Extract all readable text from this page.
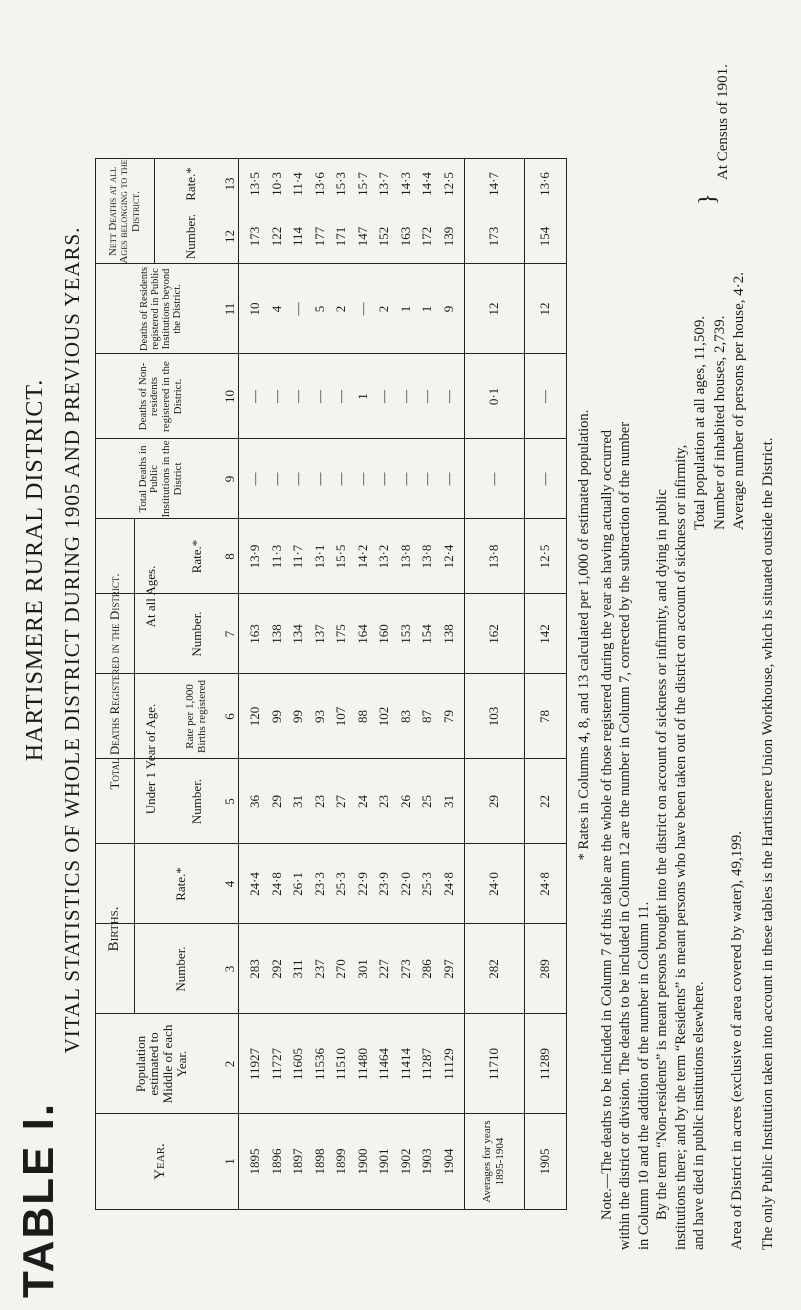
TABLE I.
HARTISMERE RURAL DISTRICT. VITAL STATISTICS OF WHOLE DISTRICT DURING 1905 AND PREVIOUS YEARS.
Year.
Population estimated to Middle of each Year.
Births.
Number.
Rate.*
Total Deaths Registered in the District.	Under 1 Year of Age.	Number.
Rate per 1,000 Births registered
At all Ages.
Number.
Rate.*
Total Deaths in Public Institutions in the District
Deaths of Non-residents registered in the District.
Deaths of Residents registered in Public Institutions beyond the District.
Nett Deaths at all Ages belonging to the District.
Number.
Rate.*
1
2
3
4
5
6
7
8
9
10
11
12
13
1895
11927
283
24·4
36
120
163
13·9
—
—
10
173
13·5
1896
11727
292
24·8
29
99
138
11·3
—
—
4
122
10·3
1897
11605
311
26·1
31
99
134
11·7
—
—
—
114
11·4
1898
11536
237
23·3
23
93
137
13·1
—
—
5
177
13·6
1899
11510
270
25·3
27
107
175
15·5
—
—
2
171
15·3
1900
11480
301
22·9
24
88
164
14·2
—
1
—
147
15·7
1901
11464
227
23·9
23
102
160
13·2
—
—
2
152
13·7
1902
11414
273
22·0
26
83
153
13·8
—
—
1
163
14·3
1903
11287
286
25·3
25
87
154
13·8
—
—
1
172
14·4
1904
11129
297
24·8
31
79
138
12·4
—
—
9
139
12·5
Averages for years 1895-1904
11710
282
24·0
29
103
162
13·8
—
0·1
12
173
14·7
1905
11289
289
24·8
22
78
142
12·5
—
—
12
154
13·6

* Rates in Columns 4, 8, and 13 calculated per 1,000 of estimated population. Note.—The deaths to be included in Column 7 of this table are the whole of those registered during the year as having actually occurred within the district or division. The deaths to be included in Column 12 are the number in Column 7, corrected by the subtraction of the number in Column 10 and the addition of the number in Column 11. By the term “Non-residents” is meant persons brought into the district on account of sickness or infirmity, and dying in public institutions there; and by the term “Residents” is meant persons who have been taken out of the district on account of sickness or infirmity, and have died in public institutions elsewhere. Area of District in acres (exclusive of area covered by water), 49,199.
Total population at all ages, 11,509. Number of inhabited houses, 2,739. Average number of persons per house, 4·2.
}
At Census of 1901.
The only Public Institution taken into account in these tables is the Hartismere Union Workhouse, which is situated outside the District.
